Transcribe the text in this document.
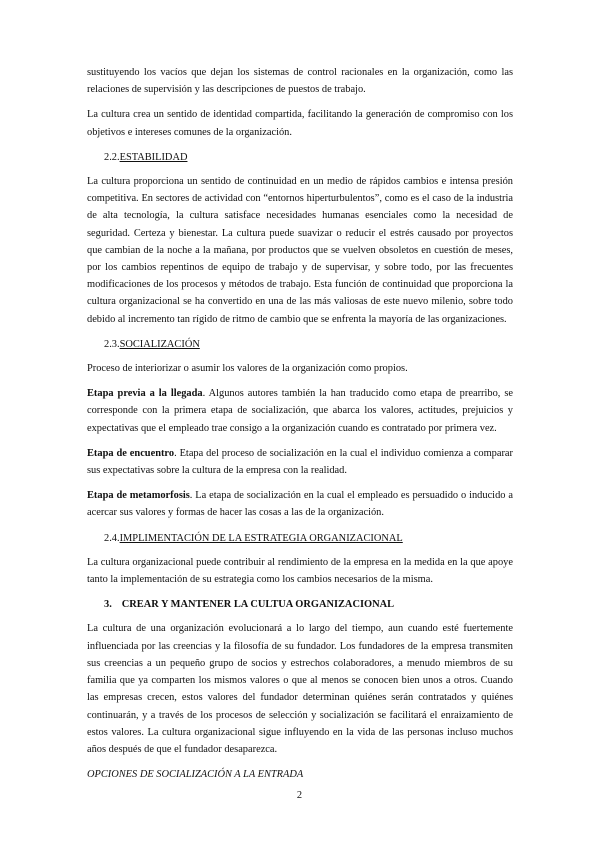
sustituyendo los vacíos que dejan los sistemas de control racionales en la organización, como las relaciones de supervisión y las descripciones de puestos de trabajo.

La cultura crea un sentido de identidad compartida, facilitando la generación de compromiso con los objetivos e intereses comunes de la organización.

2.2.ESTABILIDAD

La cultura proporciona un sentido de continuidad en un medio de rápidos cambios e intensa presión competitiva. En sectores de actividad con “entornos hiperturbulentos”, como es el caso de la industria de alta tecnología, la cultura satisface necesidades humanas esenciales como la necesidad de seguridad. Certeza y bienestar. La cultura puede suavizar o reducir el estrés causado por proyectos que cambian de la noche a la mañana, por productos que se vuelven obsoletos en cuestión de meses, por los cambios repentinos de equipo de trabajo y de supervisar, y sobre todo, por las frecuentes modificaciones de los procesos y métodos de trabajo. Esta función de continuidad que proporciona la cultura organizacional se ha convertido en una de las más valiosas de este nuevo milenio, sobre todo debido al incremento tan rígido de ritmo de cambio que se enfrenta la mayoría de las organizaciones.

2.3.SOCIALIZACIÓN

Proceso de interiorizar o asumir los valores de la organización como propios.

Etapa previa a la llegada. Algunos autores también la han traducido como etapa de prearribo, se corresponde con la primera etapa de socialización, que abarca los valores, actitudes, prejuicios y expectativas que el empleado trae consigo a la organización cuando es contratado por primera vez.

Etapa de encuentro. Etapa del proceso de socialización en la cual el individuo comienza a comparar sus expectativas sobre la cultura de la empresa con la realidad.

Etapa de metamorfosis. La etapa de socialización en la cual el empleado es persuadido o inducido a acercar sus valores y formas de hacer las cosas a las de la organización.

2.4.IMPLIMENTACIÓN DE LA ESTRATEGIA ORGANIZACIONAL

La cultura organizacional puede contribuir al rendimiento de la empresa en la medida en la que apoye tanto la implementación de su estrategia como los cambios necesarios de la misma.

3. CREAR Y MANTENER LA CULTUA ORGANIZACIONAL

La cultura de una organización evolucionará a lo largo del tiempo, aun cuando esté fuertemente influenciada por las creencias y la filosofía de su fundador. Los fundadores de la empresa transmiten sus creencias a un pequeño grupo de socios y estrechos colaboradores, a menudo miembros de su familia que ya comparten los mismos valores o que al menos se conocen bien unos a otros. Cuando las empresas crecen, estos valores del fundador determinan quiénes serán contratados y quiénes continuarán, y a través de los procesos de selección y socialización se facilitará el enraizamiento de estos valores. La cultura organizacional sigue influyendo en la vida de las personas incluso muchos años después de que el fundador desaparezca.

OPCIONES DE SOCIALIZACIÓN A LA ENTRADA

2
